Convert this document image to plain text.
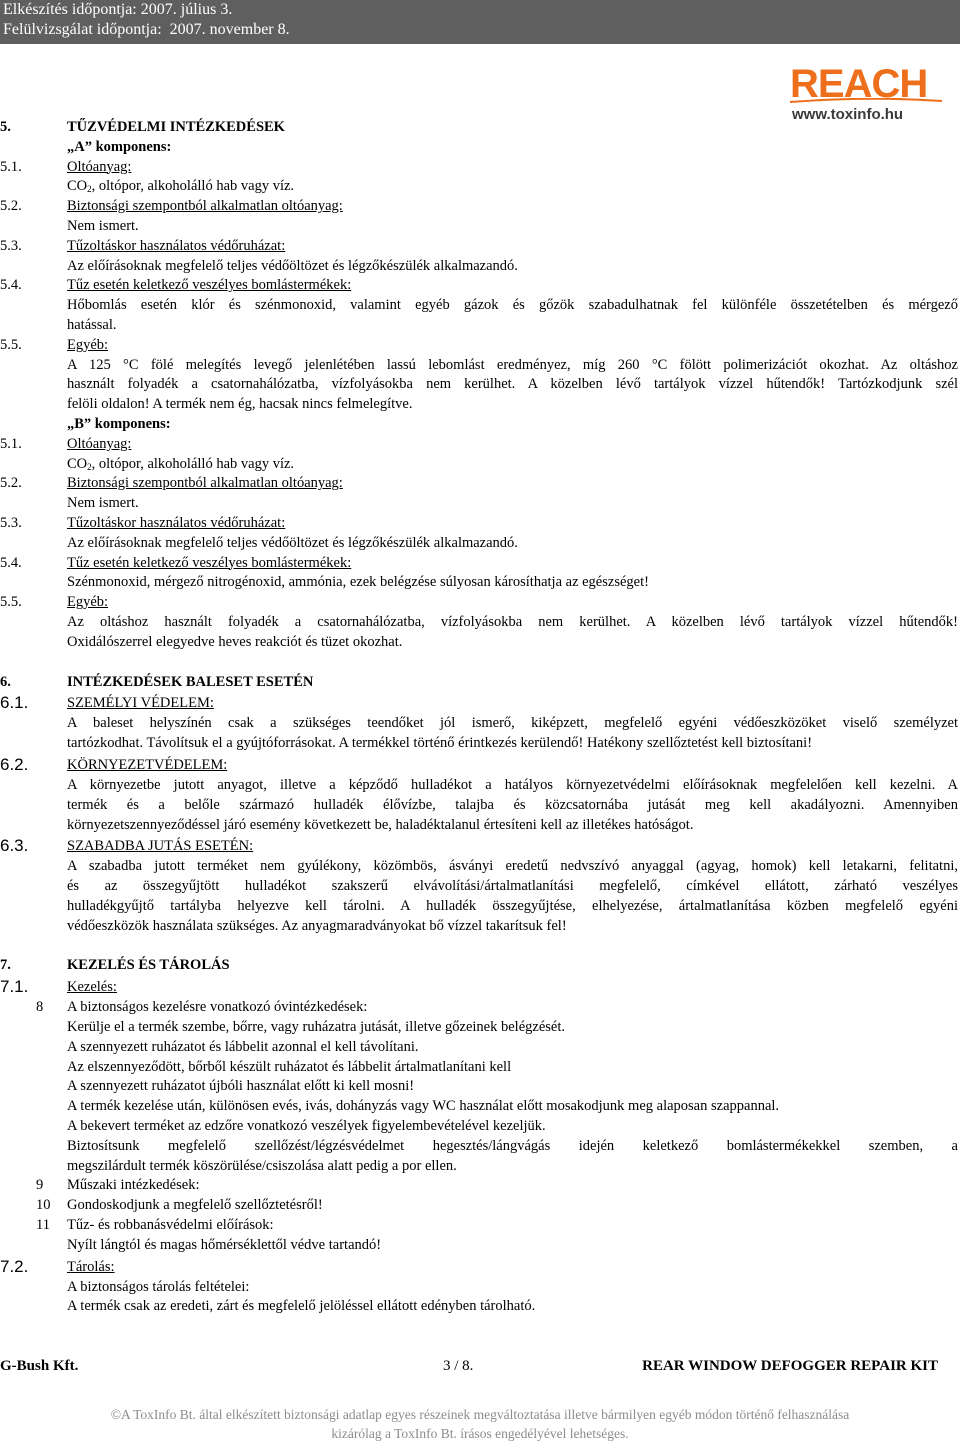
Elkészítés időpontja: 2007. július 3.
Felülvizsgálat időpontja:  2007. november 8.
REACH
www.toxinfo.hu
5.	TŰZVÉDELMI INTÉZKEDÉSEK
„A” komponens:
5.1.	Oltóanyag:
$CO_2$, oltópor, alkoholálló hab vagy víz.
5.2.	Biztonsági szempontból alkalmatlan oltóanyag:
Nem ismert.
5.3.	Tűzoltáskor használatos védőruházat:
Az előírásoknak megfelelő teljes védőöltözet és légzőkészülék alkalmazandó.
5.4.	Tűz esetén keletkező veszélyes bomlástermékek:
Hőbomlás esetén klór és szénmonoxid, valamint egyéb gázok és gőzök szabadulhatnak fel különféle összetételben és mérgező
hatással.
5.5.	Egyéb:
A 125 °C fölé melegítés levegő jelenlétében lassú lebomlást eredményez, míg 260 °C fölött polimerizációt okozhat. Az oltáshoz
használt folyadék a csatornahálózatba, vízfolyásokba nem kerülhet. A közelben lévő tartályok vízzel hűtendők! Tartózkodjunk szél
felöli oldalon! A termék nem ég, hacsak nincs felmelegítve.
„B” komponens:
5.1.	Oltóanyag:
$CO_2$, oltópor, alkoholálló hab vagy víz.
5.2.	Biztonsági szempontból alkalmatlan oltóanyag:
Nem ismert.
5.3.	Tűzoltáskor használatos védőruházat:
Az előírásoknak megfelelő teljes védőöltözet és légzőkészülék alkalmazandó.
5.4.	Tűz esetén keletkező veszélyes bomlástermékek:
Szénmonoxid, mérgező nitrogénoxid, ammónia, ezek belégzése súlyosan károsíthatja az egészséget!
5.5.	Egyéb:
Az oltáshoz használt folyadék a csatornahálózatba, vízfolyásokba nem kerülhet. A közelben lévő tartályok vízzel hűtendők!
Oxidálószerrel elegyedve heves reakciót és tüzet okozhat.
6.	INTÉZKEDÉSEK BALESET ESETÉN
6.1.	SZEMÉLYI VÉDELEM:
A baleset helyszínén csak a szükséges teendőket jól ismerő, kiképzett, megfelelő egyéni védőeszközöket viselő személyzet
tartózkodhat. Távolítsuk el a gyújtóforrásokat. A termékkel történő érintkezés kerülendő! Hatékony szellőztetést kell biztosítani!
6.2.	KÖRNYEZETVÉDELEM:
A környezetbe jutott anyagot, illetve a képződő hulladékot a hatályos környezetvédelmi előírásoknak megfelelően kell kezelni. A
termék és a belőle származó hulladék élővízbe, talajba és közcsatornába jutását meg kell akadályozni. Amennyiben
környezetszennyeződéssel járó esemény következett be, haladéktalanul értesíteni kell az illetékes hatóságot.
6.3.	SZABADBA JUTÁS ESETÉN:
A szabadba jutott terméket nem gyúlékony, közömbös, ásványi eredetű nedvszívó anyaggal (agyag, homok) kell letakarni, felitatni,
és az összegyűjtött hulladékot szakszerű elvávolítási/ártalmatlanítási megfelelő, címkével ellátott, zárható veszélyes
hulladékgyűjtő tartályba helyezve kell tárolni. A hulladék összegyűjtése, elhelyezése, ártalmatlanítása közben megfelelő egyéni
védőeszközök használata szükséges. Az anyagmaradványokat bő vízzel takarítsuk fel!
7.	KEZELÉS ÉS TÁROLÁS
7.1.	Kezelés:
8 A biztonságos kezelésre vonatkozó óvintézkedések:
Kerülje el a termék szembe, bőrre, vagy ruházatra jutását, illetve gőzeinek belégzését.
A szennyezett ruházatot és lábbelit azonnal el kell távolítani.
Az elszennyeződött, bőrből készült ruházatot és lábbelit ártalmatlanítani kell
A szennyezett ruházatot újbóli használat előtt ki kell mosni!
A termék kezelése után, különösen evés, ivás, dohányzás vagy WC használat előtt mosakodjunk meg alaposan szappannal.
A bekevert terméket az edzőre vonatkozó veszélyek figyelembevételével kezeljük.
Biztosítsunk megfelelő szellőzést/légzésvédelmet hegesztés/lángvágás idején keletkező bomlástermékekkel szemben, a
megszilárdult termék köszörülése/csiszolása alatt pedig a por ellen.
9 Műszaki intézkedések:
10 Gondoskodjunk a megfelelő szellőztetésről!
11 Tűz- és robbanásvédelmi előírások:
Nyílt lángtól és magas hőmérséklettől védve tartandó!
7.2.	Tárolás:
A biztonságos tárolás feltételei:
A termék csak az eredeti, zárt és megfelelő jelöléssel ellátott edényben tárolható.
G-Bush Kft.	3 / 8.	REAR WINDOW DEFOGGER REPAIR KIT
©A ToxInfo Bt. által elkészített biztonsági adatlap egyes részeinek megváltoztatása illetve bármilyen egyéb módon történő felhasználása
kizárólag a ToxInfo Bt. írásos engedélyével lehetséges.
